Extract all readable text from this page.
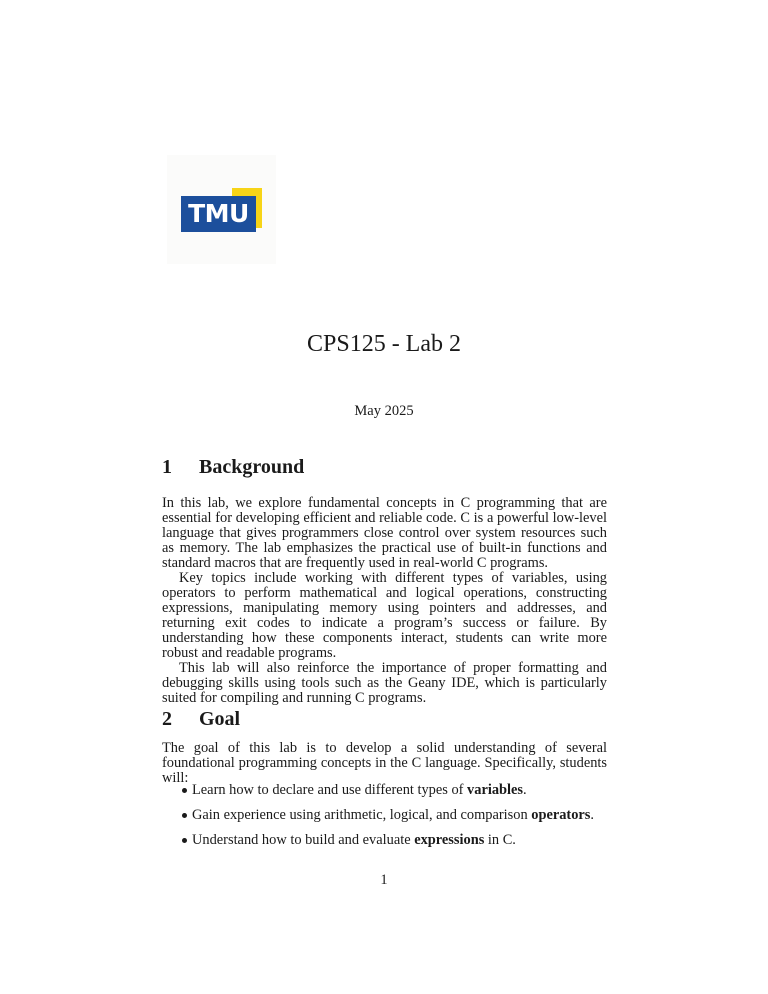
TMU
CPS125 - Lab 2
May 2025
1 Background

In this lab, we explore fundamental concepts in C programming that are essential for developing efficient and reliable code. C is a powerful low-level language that gives programmers close control over system resources such as memory. The lab emphasizes the practical use of built-in functions and standard macros that are frequently used in real-world C programs.

Key topics include working with different types of variables, using operators to perform mathematical and logical operations, constructing expressions, manipulating memory using pointers and addresses, and returning exit codes to indicate a program’s success or failure. By understanding how these components interact, students can write more robust and readable programs.

This lab will also reinforce the importance of proper formatting and debugging skills using tools such as the Geany IDE, which is particularly suited for compiling and running C programs.

2 Goal

The goal of this lab is to develop a solid understanding of several foundational programming concepts in the C language. Specifically, students will:

Learn how to declare and use different types of variables.
Gain experience using arithmetic, logical, and comparison operators.
Understand how to build and evaluate expressions in C.
1
